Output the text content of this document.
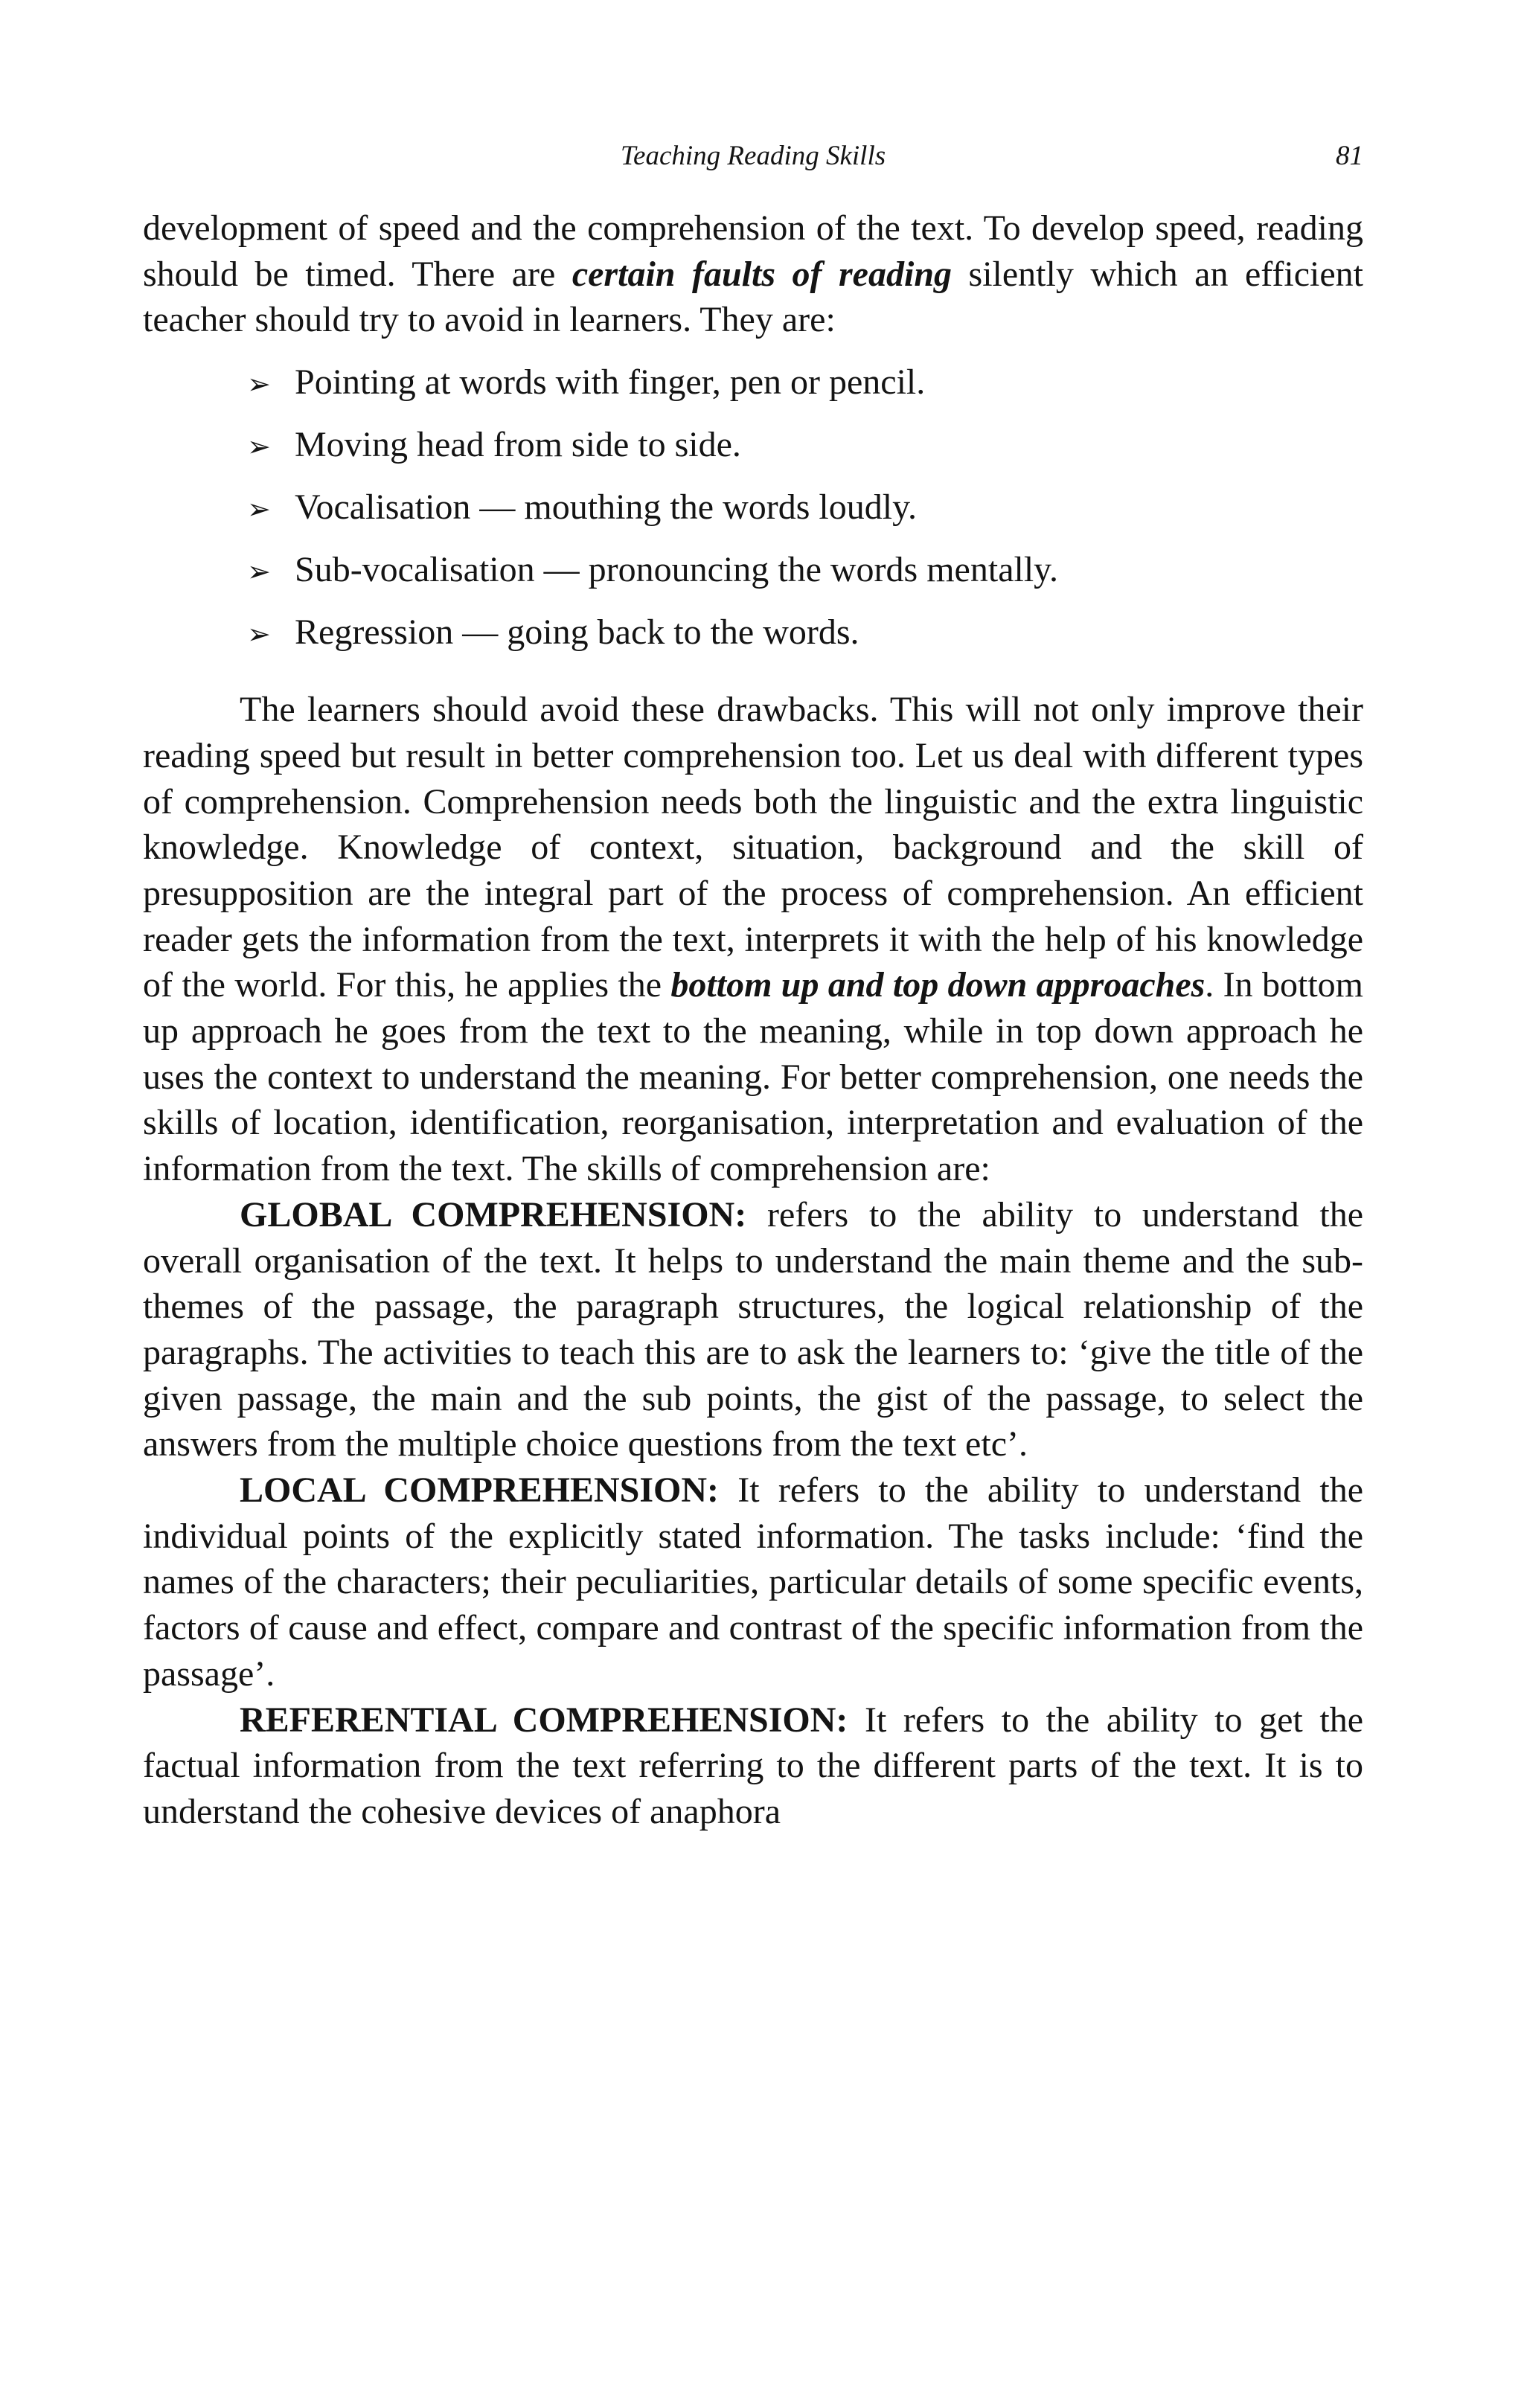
Teaching Reading Skills	81

development of speed and the comprehension of the text. To develop speed, reading should be timed. There are certain faults of reading silently which an efficient teacher should try to avoid in learners. They are:

➢ Pointing at words with finger, pen or pencil.
➢ Moving head from side to side.
➢ Vocalisation — mouthing the words loudly.
➢ Sub-vocalisation — pronouncing the words mentally.
➢ Regression — going back to the words.

The learners should avoid these drawbacks. This will not only improve their reading speed but result in better comprehension too. Let us deal with different types of comprehension. Comprehension needs both the linguistic and the extra linguistic knowledge. Knowledge of context, situation, background and the skill of presupposition are the integral part of the process of comprehension. An efficient reader gets the information from the text, interprets it with the help of his knowledge of the world. For this, he applies the bottom up and top down approaches. In bottom up approach he goes from the text to the meaning, while in top down approach he uses the context to understand the meaning. For better comprehension, one needs the skills of location, identification, reorganisation, interpretation and evaluation of the information from the text. The skills of comprehension are:

GLOBAL COMPREHENSION: refers to the ability to understand the overall organisation of the text. It helps to understand the main theme and the sub-themes of the passage, the paragraph structures, the logical relationship of the paragraphs. The activities to teach this are to ask the learners to: ‘give the title of the given passage, the main and the sub points, the gist of the passage, to select the answers from the multiple choice questions from the text etc’.

LOCAL COMPREHENSION: It refers to the ability to understand the individual points of the explicitly stated information. The tasks include: ‘find the names of the characters; their peculiarities, particular details of some specific events, factors of cause and effect, compare and contrast of the specific information from the passage’.

REFERENTIAL COMPREHENSION: It refers to the ability to get the factual information from the text referring to the different parts of the text. It is to understand the cohesive devices of anaphora
